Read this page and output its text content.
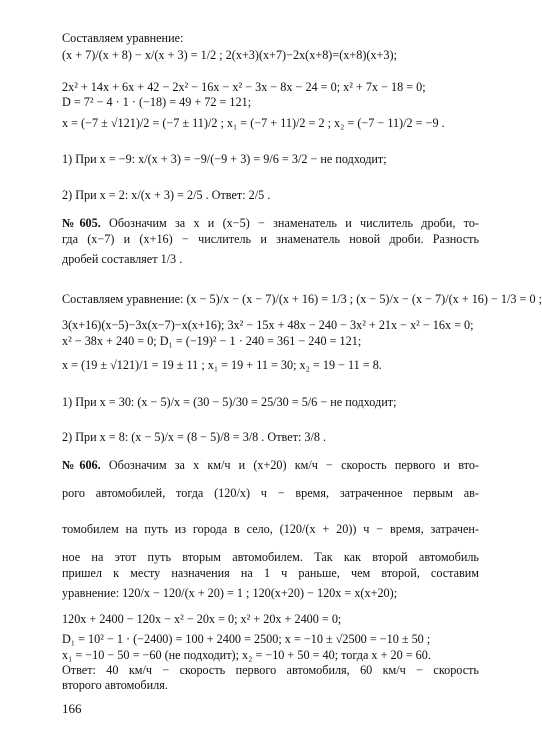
166
Составляем уравнение:
(x + 7)/(x + 8) − x/(x + 3) = 1/2 ; 2(x+3)(x+7)−2x(x+8)=(x+8)(x+3);
2x² + 14x + 6x + 42 − 2x² − 16x − x² − 3x − 8x − 24 = 0; x² + 7x − 18 = 0;
D = 7² − 4 · 1 · (−18) = 49 + 72 = 121;
x = (−7 ± √121)/2 = (−7 ± 11)/2 ; x₁ = (−7 + 11)/2 = 2 ; x₂ = (−7 − 11)/2 = −9 .
1) При x = −9: x/(x + 3) = −9/(−9 + 3) = 9/6 = 3/2 − не подходит;
2) При x = 2: x/(x + 3) = 2/5 . Ответ: 2/5 .
№605. Обозначим за x и (x−5) − знаменатель и числитель дроби, то-
гда (x−7) и (x+16) − числитель и знаменатель новой дроби. Разность
дробей составляет 1/3 .
Составляем уравнение: (x − 5)/x − (x − 7)/(x + 16) = 1/3 ; (x − 5)/x − (x − 7)/(x + 16) − 1/3 = 0 ;
3(x+16)(x−5)−3x(x−7)−x(x+16); 3x² − 15x + 48x − 240 − 3x² + 21x − x² − 16x = 0;
x² − 38x + 240 = 0; D₁ = (−19)² − 1 · 240 = 361 − 240 = 121;
x = (19 ± √121)/1 = 19 ± 11 ; x₁ = 19 + 11 = 30; x₂ = 19 − 11 = 8.
1) При x = 30: (x − 5)/x = (30 − 5)/30 = 25/30 = 5/6 − не подходит;
2) При x = 8: (x − 5)/x = (8 − 5)/8 = 3/8 . Ответ: 3/8 .
№606. Обозначим за x км/ч и (x+20) км/ч − скорость первого и вто-
рого автомобилей, тогда (120/x) ч − время, затраченное первым ав-
томобилем на путь из города в село, (120/(x + 20)) ч − время, затрачен-
ное на этот путь вторым автомобилем. Так как второй автомобиль
пришел к месту назначения на 1 ч раньше, чем второй, составим
уравнение: 120/x − 120/(x + 20) = 1 ; 120(x+20) − 120x = x(x+20);
120x + 2400 − 120x − x² − 20x = 0; x² + 20x + 2400 = 0;
D₁ = 10² − 1 · (−2400) = 100 + 2400 = 2500; x = −10 ± √2500 = −10 ± 50 ;
x₁ = −10 − 50 = −60 (не подходит); x₂ = −10 + 50 = 40; тогда x + 20 = 60.
Ответ: 40 км/ч − скорость первого автомобиля, 60 км/ч − скорость
второго автомобиля.
